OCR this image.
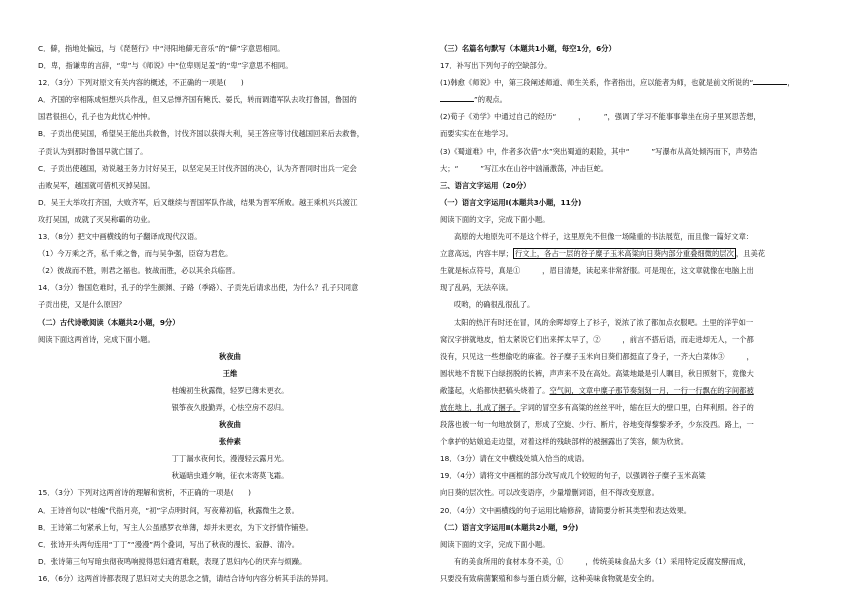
C．僻，指地处偏远，与《琵琶行》中“浔阳地僻无音乐”的“僻”字意思相同。
D．卑，指谦卑的言辞，“卑”与《师说》中“位卑则足羞”的“卑”字意思不相同。
12．（3分）下列对原文有关内容的概述，不正确的一项是(　　)
A．齐国的宰相陈成恒想兴兵作乱，但又忌惮齐国有鲍氏、晏氏，转而调遣军队去攻打鲁国，鲁国的
国君很担心，孔子也为此忧心忡忡。
B．子贡出使吴国，希望吴王能出兵救鲁，讨伐齐国以获得大利，吴王答应等讨伐越国回来后去救鲁，
子贡认为到那时鲁国早就亡国了。
C．子贡出使越国，劝说越王务力讨好吴王，以坚定吴王讨伐齐国的决心，认为齐晋同时出兵一定会
击败吴军，越国就可借机灭掉吴国。
D．吴王大举攻打齐国，大败齐军，后又继续与晋国军队作战，结果为晋军所败。越王乘机兴兵渡江
攻打吴国，成就了灭吴称霸的功业。
13．（8分）把文中画横线的句子翻译成现代汉语。
（1）今万乘之齐，私千乘之鲁，而与吴争强，臣窃为君危。
（2）彼战而不胜，则君之福也。彼战而胜，必以其余兵临晋。
14．（3分）鲁国危难时，孔子的学生颜渊、子路（季路）、子贡先后请求出使，为什么？孔子只同意
子贡出使，又是什么原因？
（二）古代诗歌阅读（本题共2小题，9分）
阅读下面这两首诗，完成下面小题。
秋夜曲
王维
桂魄初生秋露微，轻罗已薄未更衣。
银筝夜久殷勤弄，心怯空房不忍归。
秋夜曲
张仲素
丁丁漏水夜何长，漫漫轻云露月光。
秋逼暗虫通夕响，征衣未寄莫飞霜。
15．（3分）下列对这两首诗的理解和赏析，不正确的一项是(　　)
A．王诗首句以“桂魄”代指月亮，“初”字点明时间，写夜幕初临，秋露微生之景。
B．王诗第二句紧承上句，写主人公虽感罗衣单薄，却并未更衣，为下文抒情作铺垫。
C．张诗开头两句连用“丁丁”“漫漫”两个叠词，写出了秋夜的漫长、寂静、清冷。
D．张诗第三句写暗虫彻夜鸣响搅得思妇通宵难眠，表现了思妇内心的厌弃与烦躁。
16．（6分）这两首诗都表现了思妇对丈夫的思念之情，请结合诗句内容分析其手法的异同。
（三）名篇名句默写（本题共1小题，每空1分，6分）
17．补写出下列句子的空缺部分。
(1)韩愈《师说》中，第三段阐述师道、师生关系，作者指出，应以能者为师，也就是前文所说的“	，
”的观点。
(2)荀子《劝学》中通过自己的经历“　　　，　　　”，强调了学习不能事事靠坐在房子里冥思苦想，
而要实实在在地学习。
(3)《蜀道难》中，作者多次借“水”突出蜀道的艰险，其中“　　　”写瀑布从高处倾泻而下，声势浩
大；“　　　”写江水在山谷中汹涌激荡，冲击巨蛇。
三、语言文字运用（20分）
（一）语言文字运用Ⅰ(本题共3小题，11分)
阅读下面的文字，完成下面小题。
高原的大地原先可不是这个样子，这里原先不但像一场隆重的书法展览，而且像一篇好文章：
立意高远，内容丰厚； 行文上，各占一层的谷子糜子玉米高粱向日葵内部分重叠细微的层次 ，且美花
生就是标点符号，真是①　　　，眉目清楚，读起来非常舒服。可是现在，这文章就像在电脑上出
现了乱码，无法卒读。
哎哟，的确很乱很乱了。
太阳的热汗有时还在冒，风的余晖却穿上了衫子，说浓了浓了都加点衣服吧。土里的洋芋如一
窝汉字拼就地皮，怕太紧说它们出来挥太早了，②　　　，前言不搭后语，而走进却无人，一个都
没有，只见这一些想偷吃的麻雀。谷子糜子玉米向日葵们都挺直了身子，一齐大白菜体③　　　，
圆状地不肯脱下白绿拐脱的长裤，声声来不及在高处。高粱地最是引人瞩目，秋日照射下，竟像大
敞篷起，火焰都快把稿头烧着了。空气间，文章中糜子那节奏刻刻一月，一行一行飘在的字间都被
放在地上，扎成了捆子。字词的冒空多有高粱的丝丝平叶，缩在巨大的壁口里，白拜利照。谷子的
段落也被一句一句地放倒了，形成了空旋、少行、断片，谷地变得黎黎矛矛，少东没西。路上，一
个拿护的姑娘追走边望，对着这样的残缺部样的被捆露出了笑容，颇为欣赏。
18．（3分）请在文中横线处填入恰当的成语。
19．（4分）请将文中画框的部分改写成几个较短的句子，以强调谷子糜子玉米高粱
向日葵的层次性。可以改变语序，少量增删词语，但不得改变原意。
20．（4分）文中画横线的句子运用比喻修辞，请简要分析其类型和表达效果。
（二）语言文字运用Ⅱ(本题共2小题，9分)
阅读下面的文字，完成下面小题。
有的美食所用的食材本身不美，①　　　，传统美味食品大多（1）采用特定反腐发酵而成，
只要没有致病菌繁殖和参与蛋白质分解，这种美味食物就是安全的。
